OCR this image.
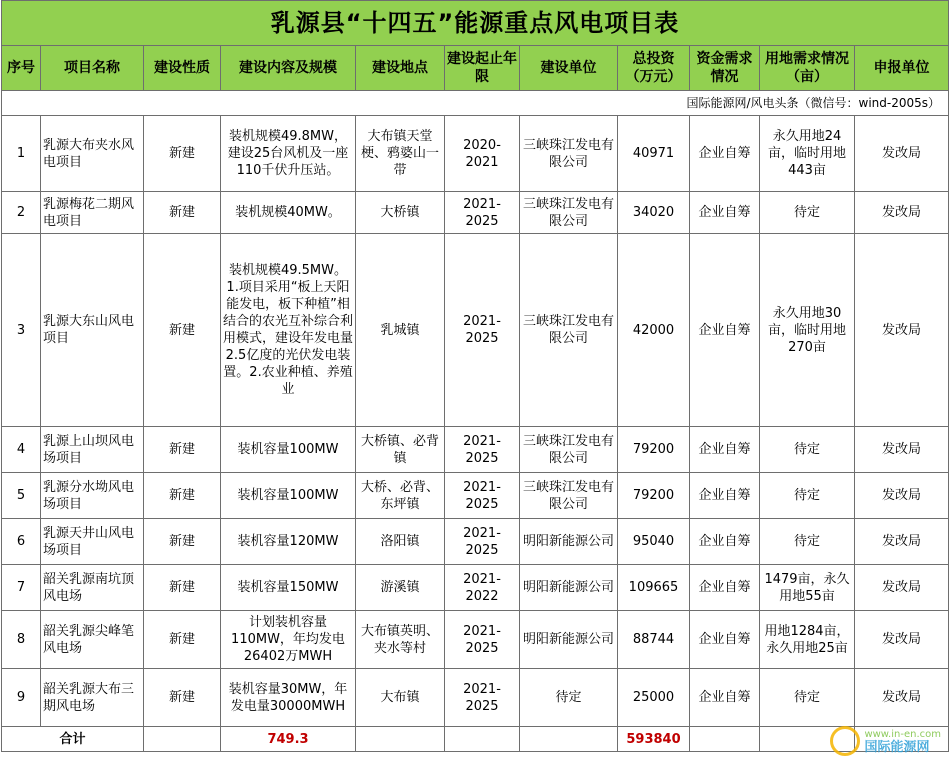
乳源县“十四五”能源重点风电项目表										
序号	项目名称	建设性质	建设内容及规模	建设地点	建设起止年限	建设单位	总投资（万元）	资金需求情况	用地需求情况（亩）	申报单位
国际能源网/风电头条（微信号：wind-2005s）										
1	乳源大布夹水风电项目	新建	装机规模49.8MW，建设25台风机及一座110千伏升压站。	大布镇天堂梗、鸦婆山一带	2020-2021	三峡珠江发电有限公司	40971	企业自筹	永久用地24亩，临时用地443亩	发改局
2	乳源梅花二期风电项目	新建	装机规模40MW。	大桥镇	2021-2025	三峡珠江发电有限公司	34020	企业自筹	待定	发改局
3	乳源大东山风电项目	新建	装机规模49.5MW。1.项目采用“板上天阳能发电，板下种植”相结合的农光互补综合利用模式，建设年发电量2.5亿度的光伏发电装置。2.农业种植、养殖业	乳城镇	2021-2025	三峡珠江发电有限公司	42000	企业自筹	永久用地30亩，临时用地270亩	发改局
4	乳源上山坝风电场项目	新建	装机容量100MW	大桥镇、必背镇	2021-2025	三峡珠江发电有限公司	79200	企业自筹	待定	发改局
5	乳源分水坳风电场项目	新建	装机容量100MW	大桥、必背、东坪镇	2021-2025	三峡珠江发电有限公司	79200	企业自筹	待定	发改局
6	乳源天井山风电场项目	新建	装机容量120MW	洛阳镇	2021-2025	明阳新能源公司	95040	企业自筹	待定	发改局
7	韶关乳源南坑顶风电场	新建	装机容量150MW	游溪镇	2021-2022	明阳新能源公司	109665	企业自筹	1479亩，永久用地55亩	发改局
8	韶关乳源尖峰笔风电场	新建	计划装机容量110MW，年均发电26402万MWH	大布镇英明、夹水等村	2021-2025	明阳新能源公司	88744	企业自筹	用地1284亩，永久用地25亩	发改局
9	韶关乳源大布三期风电场	新建	装机容量30MW，年发电量30000MWH	大布镇	2021-2025	待定	25000	企业自筹	待定	发改局
合计			749.3				593840				www.in-en.com
国际能源网
